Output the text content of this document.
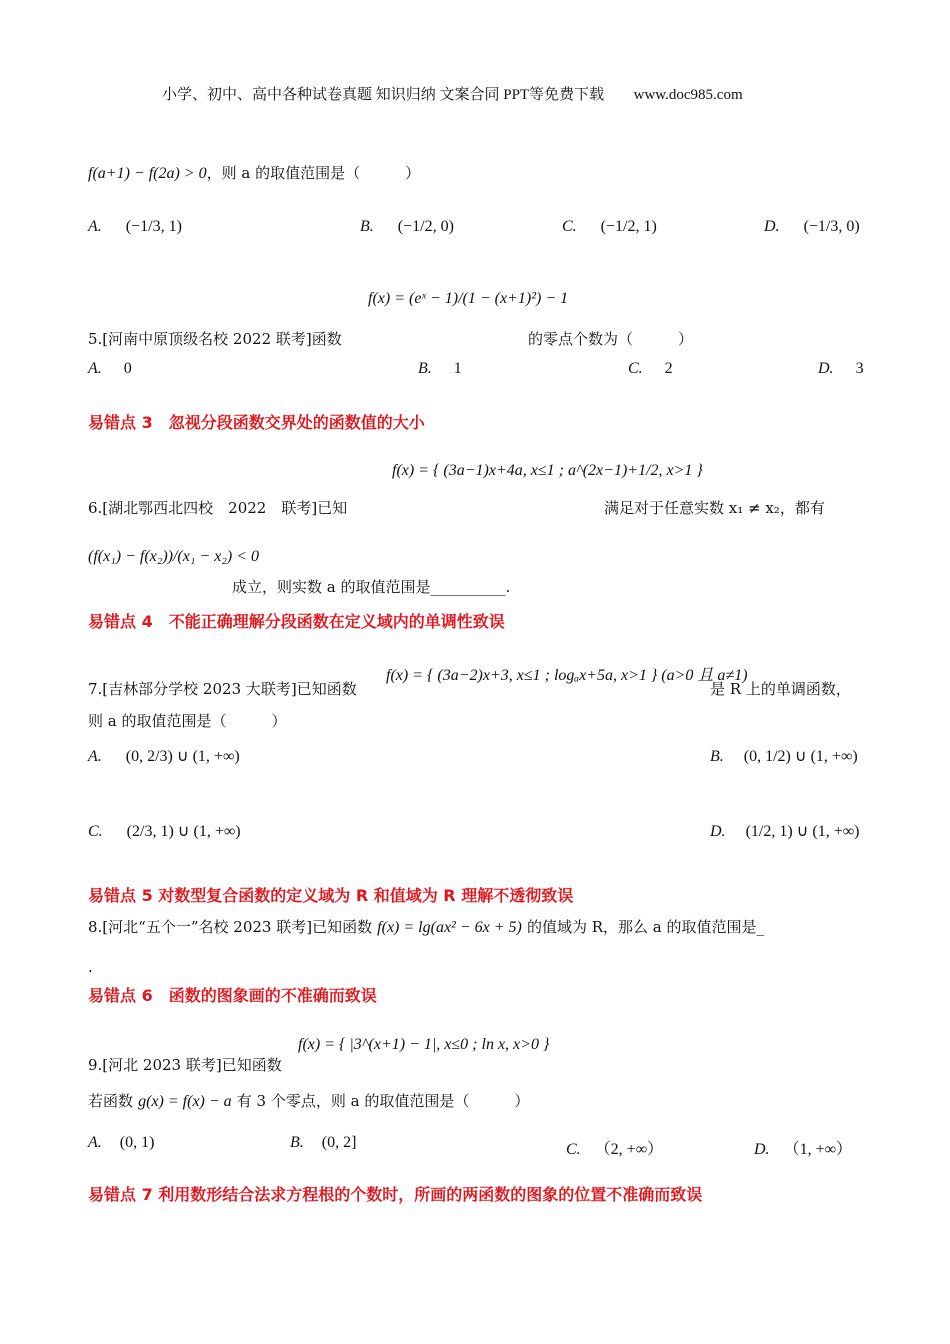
小学、初中、高中各种试卷真题 知识归纳 文案合同 PPT等免费下载 www.doc985.com
f(a+1) − f(2a) > 0，则 a 的取值范围是（　　　）
A. (−1/3, 1)	B. (−1/2, 0)	C. (−1/2, 1)	D. (−1/3, 0)
f(x) = (eˣ − 1)/(1 − (x+1)²) − 1
5.[河南中原顶级名校 2022 联考]函数	的零点个数为（　　　）
A. 0	B. 1	C. 2	D. 3
易错点 3　忽视分段函数交界处的函数值的大小
f(x) = { (3a−1)x+4a, x≤1 ; a^(2x−1)+1/2, x>1 }
6.[湖北鄂西北四校　2022　联考]已知	满足对于任意实数 x₁ ≠ x₂，都有
(f(x₁) − f(x₂))/(x₁ − x₂) < 0
成立，则实数 a 的取值范围是__________.
易错点 4　不能正确理解分段函数在定义域内的单调性致误
f(x) = { (3a−2)x+3, x≤1 ; logₐx+5a, x>1 } (a>0 且 a≠1)
7.[吉林部分学校 2023 大联考]已知函数	是 R 上的单调函数，
则 a 的取值范围是（　　　）
A. (0, 2/3) ∪ (1, +∞)	B. (0, 1/2) ∪ (1, +∞)
C. (2/3, 1) ∪ (1, +∞)	D. (1/2, 1) ∪ (1, +∞)
易错点 5 对数型复合函数的定义域为 R 和值域为 R 理解不透彻致误
8.[河北“五个一”名校 2023 联考]已知函数 f(x) = lg(ax² − 6x + 5) 的值域为 R，那么 a 的取值范围是_
.
易错点 6　函数的图象画的不准确而致误
f(x) = { |3^(x+1) − 1|, x≤0 ; ln x, x>0 }
9.[河北 2023 联考]已知函数
若函数 g(x) = f(x) − a 有 3 个零点，则 a 的取值范围是（　　　）
A. (0, 1)	B. (0, 2]	C. （2, +∞）	D. （1, +∞）
易错点 7 利用数形结合法求方程根的个数时，所画的两函数的图象的位置不准确而致误
